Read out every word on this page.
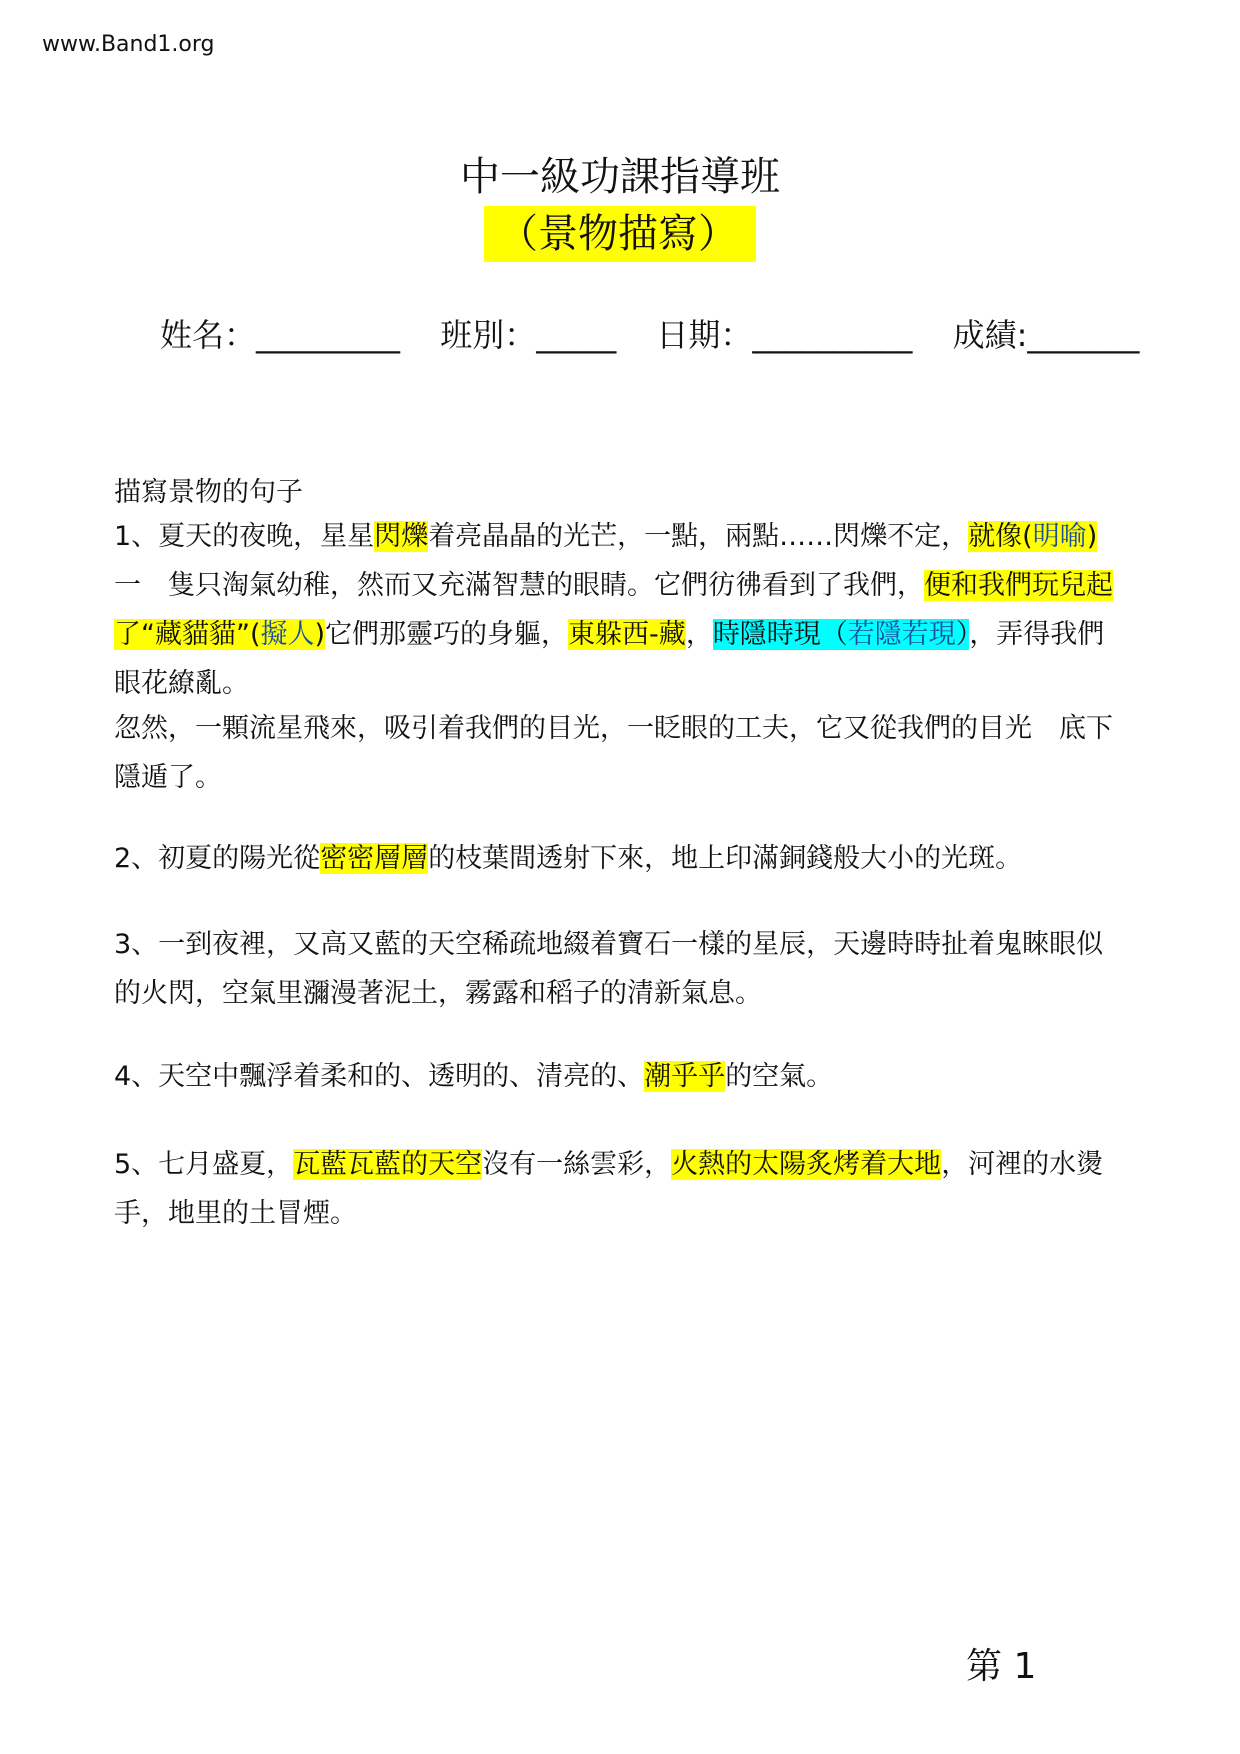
www.Band1.org
中一級功課指導班
（景物描寫）
姓名：_________ 班別：_____ 日期：__________ 成績:_______
描寫景物的句子

1、夏天的夜晚，星星閃爍着亮晶晶的光芒，一點，兩點……閃爍不定，就像(明喻)一　隻只淘氣幼稚，然而又充滿智慧的眼睛。它們彷彿看到了我們，便和我們玩兒起了“藏貓貓”(擬人)它們那靈巧的身軀，東躲西-藏，時隱時現（若隱若現），弄得我們眼花繚亂。

忽然，一顆流星飛來，吸引着我們的目光，一眨眼的工夫，它又從我們的目光　底下隱遁了。

2、初夏的陽光從密密層層的枝葉間透射下來，地上印滿銅錢般大小的光斑。

3、一到夜裡，又高又藍的天空稀疏地綴着寶石一樣的星辰，天邊時時扯着鬼睞眼似的火閃，空氣里瀰漫著泥土，霧露和稻子的清新氣息。

4、天空中飄浮着柔和的、透明的、清亮的、潮乎乎的空氣。

5、七月盛夏，瓦藍瓦藍的天空沒有一絲雲彩，火熱的太陽炙烤着大地，河裡的水燙手，地里的土冒煙。

第 1
